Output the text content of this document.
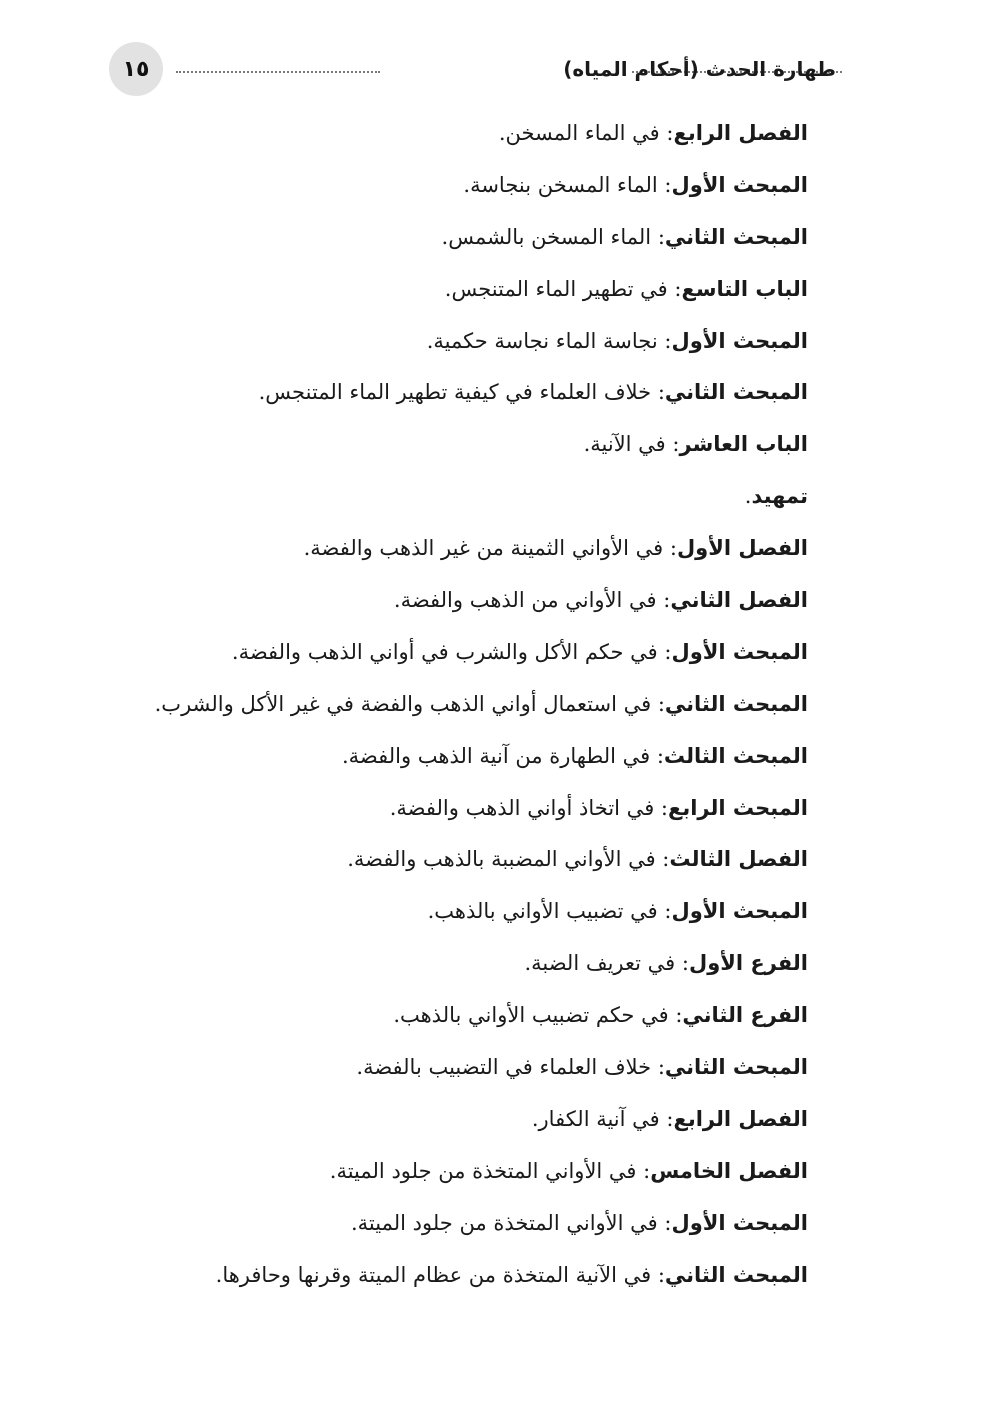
١٥	طهارة الحدث (أحكام المياه)
الفصل الرابع: في الماء المسخن.
المبحث الأول: الماء المسخن بنجاسة.
المبحث الثاني: الماء المسخن بالشمس.
الباب التاسع: في تطهير الماء المتنجس.
المبحث الأول: نجاسة الماء نجاسة حكمية.
المبحث الثاني: خلاف العلماء في كيفية تطهير الماء المتنجس.
الباب العاشر: في الآنية.
تمهيد.
الفصل الأول: في الأواني الثمينة من غير الذهب والفضة.
الفصل الثاني: في الأواني من الذهب والفضة.
المبحث الأول: في حكم الأكل والشرب في أواني الذهب والفضة.
المبحث الثاني: في استعمال أواني الذهب والفضة في غير الأكل والشرب.
المبحث الثالث: في الطهارة من آنية الذهب والفضة.
المبحث الرابع: في اتخاذ أواني الذهب والفضة.
الفصل الثالث: في الأواني المضببة بالذهب والفضة.
المبحث الأول: في تضبيب الأواني بالذهب.
الفرع الأول: في تعريف الضبة.
الفرع الثاني: في حكم تضبيب الأواني بالذهب.
المبحث الثاني: خلاف العلماء في التضبيب بالفضة.
الفصل الرابع: في آنية الكفار.
الفصل الخامس: في الأواني المتخذة من جلود الميتة.
المبحث الأول: في الأواني المتخذة من جلود الميتة.
المبحث الثاني: في الآنية المتخذة من عظام الميتة وقرنها وحافرها.
